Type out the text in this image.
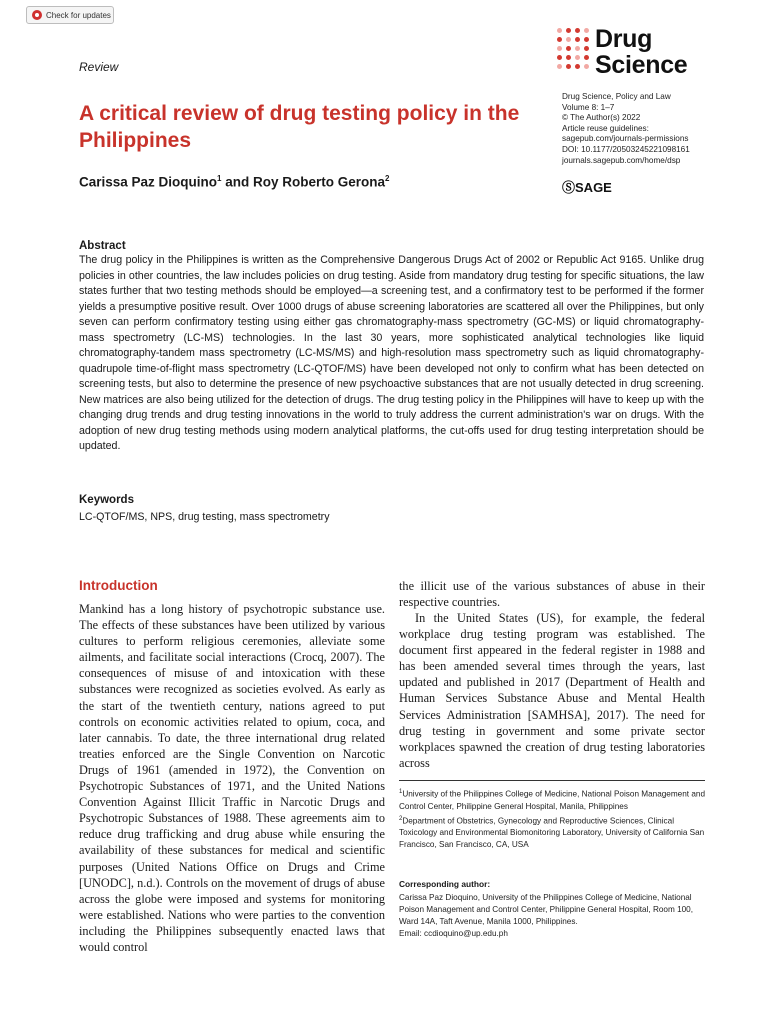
Check for updates
Review
Drug
Science
Drug Science, Policy and Law
Volume 8: 1–7
© The Author(s) 2022
Article reuse guidelines:
sagepub.com/journals-permissions
DOI: 10.1177/20503245221098161
journals.sagepub.com/home/dsp
ⓈSAGE
A critical review of drug testing policy in the Philippines
Carissa Paz Dioquino$^1$ and Roy Roberto Gerona$^2$
Abstract
The drug policy in the Philippines is written as the Comprehensive Dangerous Drugs Act of 2002 or Republic Act 9165. Unlike drug policies in other countries, the law includes policies on drug testing. Aside from mandatory drug testing for specific situations, the law states further that two testing methods should be employed—a screening test, and a confirmatory test to be performed if the former yields a presumptive positive result. Over 1000 drugs of abuse screening laboratories are scattered all over the Philippines, but only seven can perform confirmatory testing using either gas chromatography-mass spectrometry (GC-MS) or liquid chromatography-mass spectrometry (LC-MS) technologies. In the last 30 years, more sophisticated analytical technologies like liquid chromatography-tandem mass spectrometry (LC-MS/MS) and high-resolution mass spectrometry such as liquid chromatography-quadrupole time-of-flight mass spectrometry (LC-QTOF/MS) have been developed not only to confirm what has been detected on screening tests, but also to determine the presence of new psychoactive substances that are not usually detected in drug screening. New matrices are also being utilized for the detection of drugs. The drug testing policy in the Philippines will have to keep up with the changing drug trends and drug testing innovations in the world to truly address the current administration's war on drugs. With the adoption of new drug testing methods using modern analytical platforms, the cut-offs used for drug testing interpretation should be updated.
Keywords
LC-QTOF/MS, NPS, drug testing, mass spectrometry
Introduction
Mankind has a long history of psychotropic substance use. The effects of these substances have been utilized by various cultures to perform religious ceremonies, alleviate some ailments, and facilitate social interactions (Crocq, 2007). The consequences of misuse of and intoxication with these substances were recognized as societies evolved. As early as the start of the twentieth century, nations agreed to put controls on economic activities related to opium, coca, and later cannabis. To date, the three international drug related treaties enforced are the Single Convention on Narcotic Drugs of 1961 (amended in 1972), the Convention on Psychotropic Substances of 1971, and the United Nations Convention Against Illicit Traffic in Narcotic Drugs and Psychotropic Substances of 1988. These agreements aim to reduce drug trafficking and drug abuse while ensuring the availability of these substances for medical and scientific purposes (United Nations Office on Drugs and Crime [UNODC], n.d.). Controls on the movement of drugs of abuse across the globe were imposed and systems for monitoring were established. Nations who were parties to the convention including the Philippines subsequently enacted laws that would control
the illicit use of the various substances of abuse in their respective countries.
In the United States (US), for example, the federal workplace drug testing program was established. The document first appeared in the federal register in 1988 and has been amended several times through the years, last updated and published in 2017 (Department of Health and Human Services Substance Abuse and Mental Health Services Administration [SAMHSA], 2017). The need for drug testing in government and some private sector workplaces spawned the creation of drug testing laboratories across

$^1$University of the Philippines College of Medicine, National Poison Management and Control Center, Philippine General Hospital, Manila, Philippines

$^2$Department of Obstetrics, Gynecology and Reproductive Sciences, Clinical Toxicology and Environmental Biomonitoring Laboratory, University of California San Francisco, San Francisco, CA, USA

Corresponding author:
Carissa Paz Dioquino, University of the Philippines College of Medicine, National Poison Management and Control Center, Philippine General Hospital, Room 100, Ward 14A, Taft Avenue, Manila 1000, Philippines.
Email: ccdioquino@up.edu.ph
